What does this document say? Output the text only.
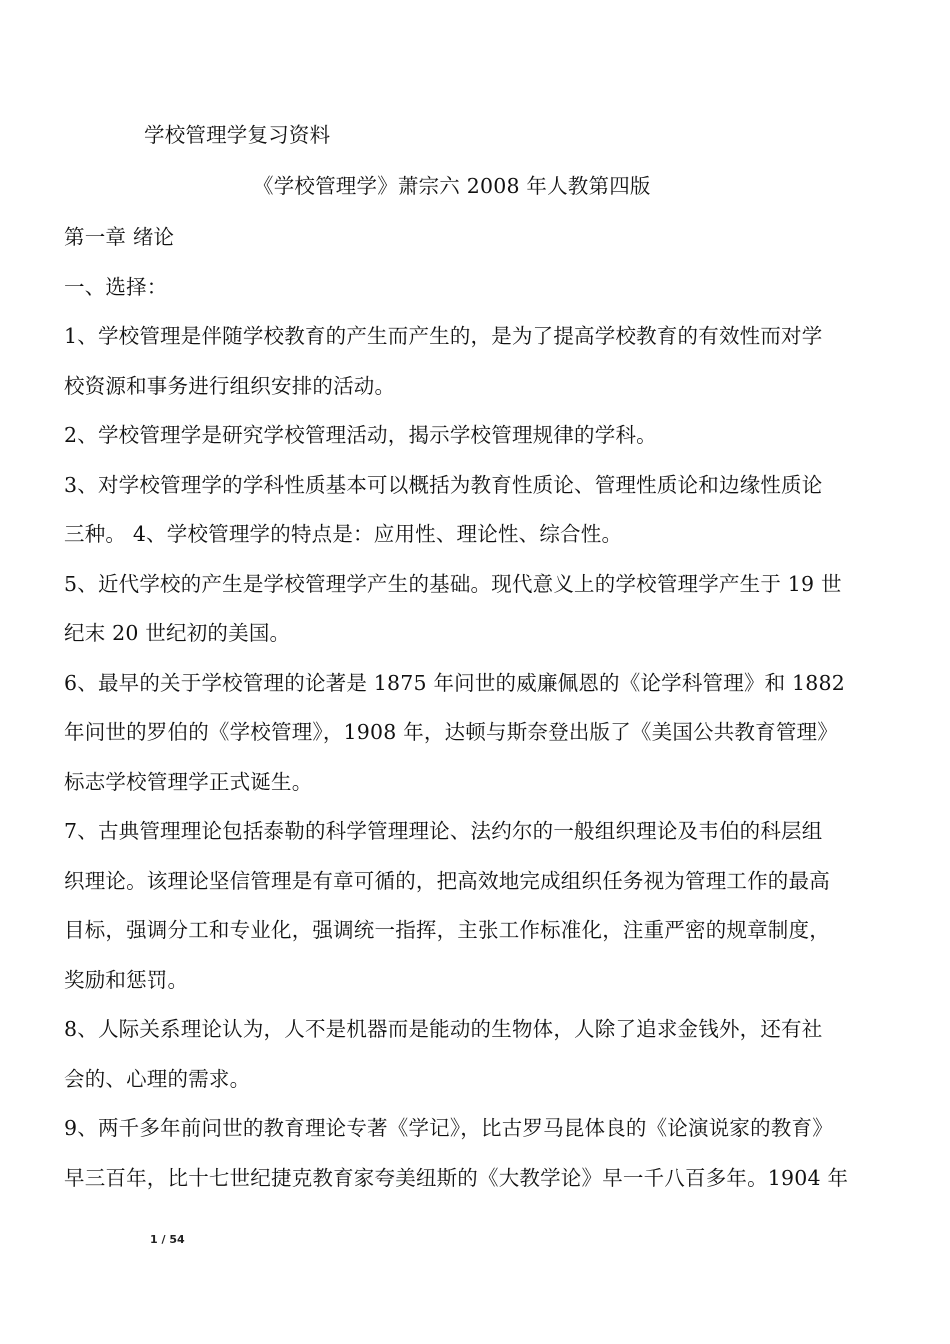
学校管理学复习资料
《学校管理学》萧宗六 2008 年人教第四版
第一章 绪论
一、选择：
1、学校管理是伴随学校教育的产生而产生的，是为了提高学校教育的有效性而对学
校资源和事务进行组织安排的活动。
2、学校管理学是研究学校管理活动，揭示学校管理规律的学科。
3、对学校管理学的学科性质基本可以概括为教育性质论、管理性质论和边缘性质论
三种。 4、学校管理学的特点是：应用性、理论性、综合性。
5、近代学校的产生是学校管理学产生的基础。现代意义上的学校管理学产生于 19 世
纪末 20 世纪初的美国。
6、最早的关于学校管理的论著是 1875 年问世的威廉佩恩的《论学科管理》和 1882
年问世的罗伯的《学校管理》，1908 年，达顿与斯奈登出版了《美国公共教育管理》
标志学校管理学正式诞生。
7、古典管理理论包括泰勒的科学管理理论、法约尔的一般组织理论及韦伯的科层组
织理论。该理论坚信管理是有章可循的，把高效地完成组织任务视为管理工作的最高
目标，强调分工和专业化，强调统一指挥，主张工作标准化，注重严密的规章制度，
奖励和惩罚。
8、人际关系理论认为，人不是机器而是能动的生物体，人除了追求金钱外，还有社
会的、心理的需求。
9、两千多年前问世的教育理论专著《学记》，比古罗马昆体良的《论演说家的教育》
早三百年，比十七世纪捷克教育家夸美纽斯的《大教学论》早一千八百多年。1904 年
1 / 54
